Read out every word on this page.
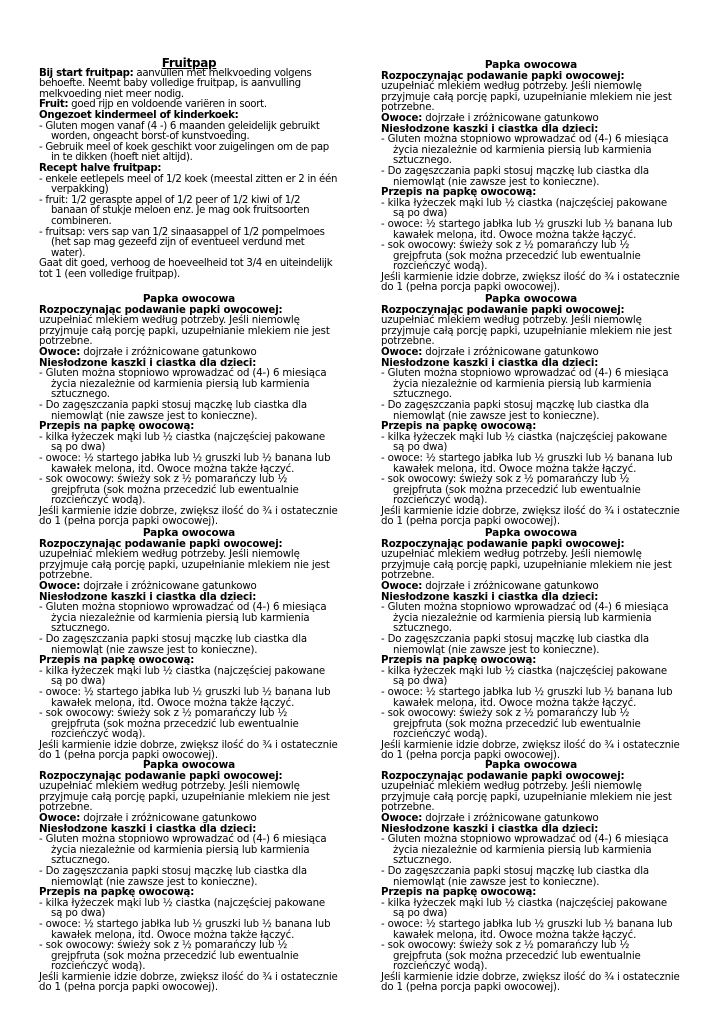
Fruitpap
Bij start fruitpap: aanvullen met melkvoeding volgens behoefte. Neemt baby volledige fruitpap, is aanvulling melkvoeding niet meer nodig.
Fruit: goed rijp en voldoende variëren in soort.
Ongezoet kindermeel of kinderkoek:
- Gluten mogen vanaf (4 -) 6 maanden geleidelijk gebruikt worden, ongeacht borst-of kunstvoeding.
- Gebruik meel of koek geschikt voor zuigelingen om de pap in te dikken (hoeft niet altijd).
Recept halve fruitpap:
- enkele eetlepels meel of 1/2 koek (meestal zitten er 2 in één verpakking)
- fruit: 1/2 geraspte appel of 1/2 peer of 1/2 kiwi of 1/2 banaan of stukje meloen enz. Je mag ook fruitsoorten combineren.
- fruitsap: vers sap van 1/2 sinaasappel of 1/2 pompelmoes (het sap mag gezeefd zijn of eventueel verdund met water).
Gaat dit goed, verhoog de hoeveelheid tot 3/4 en uiteindelijk tot 1 (een volledige fruitpap).
Papka owocowa
Rozpoczynając podawanie papki owocowej: uzupełniać mlekiem według potrzeby. Jeśli niemowlę przyjmuje całą porcję papki, uzupełnianie mlekiem nie jest potrzebne.
Owoce: dojrzałe i zróżnicowane gatunkowo
Niesłodzone kaszki i ciastka dla dzieci:
- Gluten można stopniowo wprowadzać od (4-) 6 miesiąca życia niezależnie od karmienia piersią lub karmienia sztucznego.
- Do zagęszczania papki stosuj mączkę lub ciastka dla niemowląt (nie zawsze jest to konieczne).
Przepis na papkę owocową:
- kilka łyżeczek mąki lub ½ ciastka (najczęściej pakowane są po dwa)
- owoce: ½ startego jabłka lub ½ gruszki lub ½ banana lub kawałek melona, itd. Owoce można także łączyć.
- sok owocowy: świeży sok z ½ pomarańczy lub ½ grejpfruta (sok można przecedzić lub ewentualnie rozcieńczyć wodą).
Jeśli karmienie idzie dobrze, zwiększ ilość do ¾ i ostatecznie do 1 (pełna porcja papki owocowej).
Papka owocowa
Rozpoczynając podawanie papki owocowej: uzupełniać mlekiem według potrzeby. Jeśli niemowlę przyjmuje całą porcję papki, uzupełnianie mlekiem nie jest potrzebne.
Owoce: dojrzałe i zróżnicowane gatunkowo
Niesłodzone kaszki i ciastka dla dzieci:
- Gluten można stopniowo wprowadzać od (4-) 6 miesiąca życia niezależnie od karmienia piersią lub karmienia sztucznego.
- Do zagęszczania papki stosuj mączkę lub ciastka dla niemowląt (nie zawsze jest to konieczne).
Przepis na papkę owocową:
- kilka łyżeczek mąki lub ½ ciastka (najczęściej pakowane są po dwa)
- owoce: ½ startego jabłka lub ½ gruszki lub ½ banana lub kawałek melona, itd. Owoce można także łączyć.
- sok owocowy: świeży sok z ½ pomarańczy lub ½ grejpfruta (sok można przecedzić lub ewentualnie rozcieńczyć wodą).
Jeśli karmienie idzie dobrze, zwiększ ilość do ¾ i ostatecznie do 1 (pełna porcja papki owocowej).
Papka owocowa
Rozpoczynając podawanie papki owocowej: uzupełniać mlekiem według potrzeby. Jeśli niemowlę przyjmuje całą porcję papki, uzupełnianie mlekiem nie jest potrzebne.
Owoce: dojrzałe i zróżnicowane gatunkowo
Niesłodzone kaszki i ciastka dla dzieci:
- Gluten można stopniowo wprowadzać od (4-) 6 miesiąca życia niezależnie od karmienia piersią lub karmienia sztucznego.
- Do zagęszczania papki stosuj mączkę lub ciastka dla niemowląt (nie zawsze jest to konieczne).
Przepis na papkę owocową:
- kilka łyżeczek mąki lub ½ ciastka (najczęściej pakowane są po dwa)
- owoce: ½ startego jabłka lub ½ gruszki lub ½ banana lub kawałek melona, itd. Owoce można także łączyć.
- sok owocowy: świeży sok z ½ pomarańczy lub ½ grejpfruta (sok można przecedzić lub ewentualnie rozcieńczyć wodą).
Jeśli karmienie idzie dobrze, zwiększ ilość do ¾ i ostatecznie do 1 (pełna porcja papki owocowej).
Papka owocowa
Rozpoczynając podawanie papki owocowej: uzupełniać mlekiem według potrzeby. Jeśli niemowlę przyjmuje całą porcję papki, uzupełnianie mlekiem nie jest potrzebne.
Owoce: dojrzałe i zróżnicowane gatunkowo
Niesłodzone kaszki i ciastka dla dzieci:
- Gluten można stopniowo wprowadzać od (4-) 6 miesiąca życia niezależnie od karmienia piersią lub karmienia sztucznego.
- Do zagęszczania papki stosuj mączkę lub ciastka dla niemowląt (nie zawsze jest to konieczne).
Przepis na papkę owocową:
- kilka łyżeczek mąki lub ½ ciastka (najczęściej pakowane są po dwa)
- owoce: ½ startego jabłka lub ½ gruszki lub ½ banana lub kawałek melona, itd. Owoce można także łączyć.
- sok owocowy: świeży sok z ½ pomarańczy lub ½ grejpfruta (sok można przecedzić lub ewentualnie rozcieńczyć wodą).
Jeśli karmienie idzie dobrze, zwiększ ilość do ¾ i ostatecznie do 1 (pełna porcja papki owocowej).
Papka owocowa
Rozpoczynając podawanie papki owocowej: uzupełniać mlekiem według potrzeby. Jeśli niemowlę przyjmuje całą porcję papki, uzupełnianie mlekiem nie jest potrzebne.
Owoce: dojrzałe i zróżnicowane gatunkowo
Niesłodzone kaszki i ciastka dla dzieci:
- Gluten można stopniowo wprowadzać od (4-) 6 miesiąca życia niezależnie od karmienia piersią lub karmienia sztucznego.
- Do zagęszczania papki stosuj mączkę lub ciastka dla niemowląt (nie zawsze jest to konieczne).
Przepis na papkę owocową:
- kilka łyżeczek mąki lub ½ ciastka (najczęściej pakowane są po dwa)
- owoce: ½ startego jabłka lub ½ gruszki lub ½ banana lub kawałek melona, itd. Owoce można także łączyć.
- sok owocowy: świeży sok z ½ pomarańczy lub ½ grejpfruta (sok można przecedzić lub ewentualnie rozcieńczyć wodą).
Jeśli karmienie idzie dobrze, zwiększ ilość do ¾ i ostatecznie do 1 (pełna porcja papki owocowej).
Papka owocowa
Rozpoczynając podawanie papki owocowej: uzupełniać mlekiem według potrzeby. Jeśli niemowlę przyjmuje całą porcję papki, uzupełnianie mlekiem nie jest potrzebne.
Owoce: dojrzałe i zróżnicowane gatunkowo
Niesłodzone kaszki i ciastka dla dzieci:
- Gluten można stopniowo wprowadzać od (4-) 6 miesiąca życia niezależnie od karmienia piersią lub karmienia sztucznego.
- Do zagęszczania papki stosuj mączkę lub ciastka dla niemowląt (nie zawsze jest to konieczne).
Przepis na papkę owocową:
- kilka łyżeczek mąki lub ½ ciastka (najczęściej pakowane są po dwa)
- owoce: ½ startego jabłka lub ½ gruszki lub ½ banana lub kawałek melona, itd. Owoce można także łączyć.
- sok owocowy: świeży sok z ½ pomarańczy lub ½ grejpfruta (sok można przecedzić lub ewentualnie rozcieńczyć wodą).
Jeśli karmienie idzie dobrze, zwiększ ilość do ¾ i ostatecznie do 1 (pełna porcja papki owocowej).
Papka owocowa
Rozpoczynając podawanie papki owocowej: uzupełniać mlekiem według potrzeby. Jeśli niemowlę przyjmuje całą porcję papki, uzupełnianie mlekiem nie jest potrzebne.
Owoce: dojrzałe i zróżnicowane gatunkowo
Niesłodzone kaszki i ciastka dla dzieci:
- Gluten można stopniowo wprowadzać od (4-) 6 miesiąca życia niezależnie od karmienia piersią lub karmienia sztucznego.
- Do zagęszczania papki stosuj mączkę lub ciastka dla niemowląt (nie zawsze jest to konieczne).
Przepis na papkę owocową:
- kilka łyżeczek mąki lub ½ ciastka (najczęściej pakowane są po dwa)
- owoce: ½ startego jabłka lub ½ gruszki lub ½ banana lub kawałek melona, itd. Owoce można także łączyć.
- sok owocowy: świeży sok z ½ pomarańczy lub ½ grejpfruta (sok można przecedzić lub ewentualnie rozcieńczyć wodą).
Jeśli karmienie idzie dobrze, zwiększ ilość do ¾ i ostatecznie do 1 (pełna porcja papki owocowej).
